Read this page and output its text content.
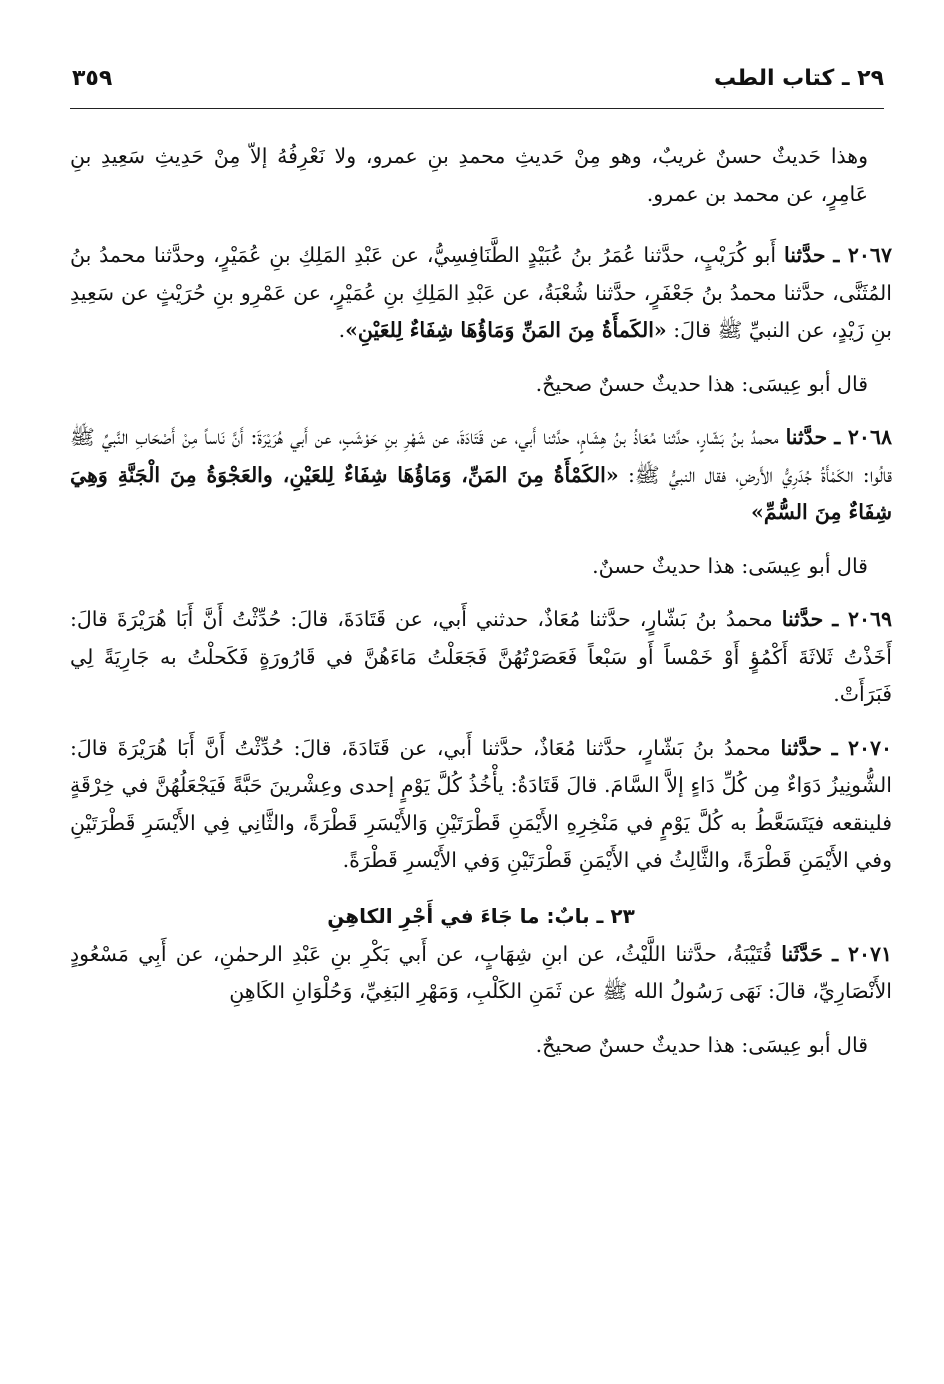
٢٩ ـ كتاب الطب
٣٥٩

وهذا حَديثٌ حسنٌ غريبٌ، وهو مِنْ حَديثِ محمدِ بنِ عمرو، ولا نَعْرِفُهُ إلاّ مِنْ حَدِيثِ سَعِيدِ بنِ عَامِرٍ، عن محمد بن عمرو.

٢٠٦٧ ـ حدَّثنا أَبو كُرَيْبٍ، حدَّثنا عُمَرُ بنُ عُبَيْدٍ الطَّنَافِسِيُّ، عن عَبْدِ المَلِكِ بنِ عُمَيْرٍ، وحدَّثنا محمدُ بنُ المُثَنَّى، حدَّثنا محمدُ بنُ جَعْفَرٍ، حدَّثنا شُعْبَةُ، عن عَبْدِ المَلِكِ بنِ عُمَيْرٍ، عن عَمْرِو بنِ حُرَيْثٍ عن سَعِيدِ بنِ زَيْدٍ، عن النبيِّ ﷺ قالَ: «الكَمأَةُ مِنَ المَنِّ وَمَاؤُهَا شِفَاءٌ لِلعَيْنِ».

قال أبو عِيسَى: هذا حديثٌ حسنٌ صحيحٌ.

٢٠٦٨ ـ حدَّثنا محمدُ بنُ بَشّارٍ، حدَّثنا مُعَاذُ بنُ هِشَامٍ، حدَّثنا أَبي، عن قَتَادَةَ، عن شَهْرِ بنِ حَوْشَبٍ، عن أَبي هُرَيْرَةَ: أَنَّ نَاساً مِنْ أَصْحَابِ النَّبيِّ ﷺ قالُوا: الكَمْأَةُ جُدَرِيُّ الأَرضِ، فقال النبيُّ ﷺ: «الكَمْأَةُ مِنَ المَنِّ، وَمَاؤُهَا شِفَاءٌ لِلعَيْنِ، والعَجْوَةُ مِنَ الْجَنَّةِ وَهِيَ شِفَاءٌ مِنَ السُّمِّ»

قال أبو عِيسَى: هذا حديثٌ حسنٌ.

٢٠٦٩ ـ حدَّثنا محمدُ بنُ بَشّارٍ، حدَّثنا مُعَاذٌ، حدثني أَبي، عن قَتَادَةَ، قالَ: حُدِّثْتُ أَنَّ أَبَا هُرَيْرَةَ قالَ: أَخَذْتُ ثَلاثَةَ أَكْمُؤٍ أَوْ خَمْساً أَو سَبْعاً فَعَصَرْتُهُنَّ فَجَعَلْتُ مَاءَهُنَّ في قَارُورَةٍ فَكَحلْتُ به جَارِيَةً لِي فَبَرَأَتْ.

٢٠٧٠ ـ حدَّثنا محمدُ بنُ بَشّارٍ، حدَّثنا مُعَاذٌ، حدَّثنا أَبي، عن قَتَادَةَ، قالَ: حُدِّثْتُ أَنَّ أَبَا هُرَيْرَةَ قالَ: الشُّونِيزُ دَوَاءٌ مِن كُلِّ دَاءٍ إلاَّ السَّامَ. قالَ قَتَادَةُ: يأْخُذُ كُلَّ يَوْمٍ إحدى وعِشْرينَ حَبَّةً فَيَجْعَلُهُنَّ في خِرْقَةٍ فلينقعه فيَتَسَعَّطُ به كُلَّ يَوْمٍ في مَنْخِرِهِ الأَيْمَنِ قَطْرَتَيْنِ وَالأَيْسَرِ قَطْرَةً، والثَّانِي فِي الأَيْسَرِ قَطْرَتَيْنِ وفي الأَيْمَنِ قَطْرَةً، والثَّالِثُ في الأَيْمَنِ قَطْرَتَيْنِ وَفي الأَيْسرِ قَطْرَةً.

٢٣ ـ بابٌ: ما جَاءَ في أَجْرِ الكاهِنِ

٢٠٧١ ـ حَدَّثَنا قُتَيْبَةُ، حدَّثنا اللَّيْثُ، عن ابنِ شِهَابٍ، عن أَبي بَكْرِ بنِ عَبْدِ الرحمٰنِ، عن أَبِي مَسْعُودٍ الأَنْصَارِيِّ، قالَ: نَهَى رَسُولُ الله ﷺ عن ثَمَنِ الكَلْبِ، وَمَهْرِ البَغِيِّ، وَحُلْوَانِ الكَاهِنِ

قال أبو عِيسَى: هذا حديثٌ حسنٌ صحيحٌ.
